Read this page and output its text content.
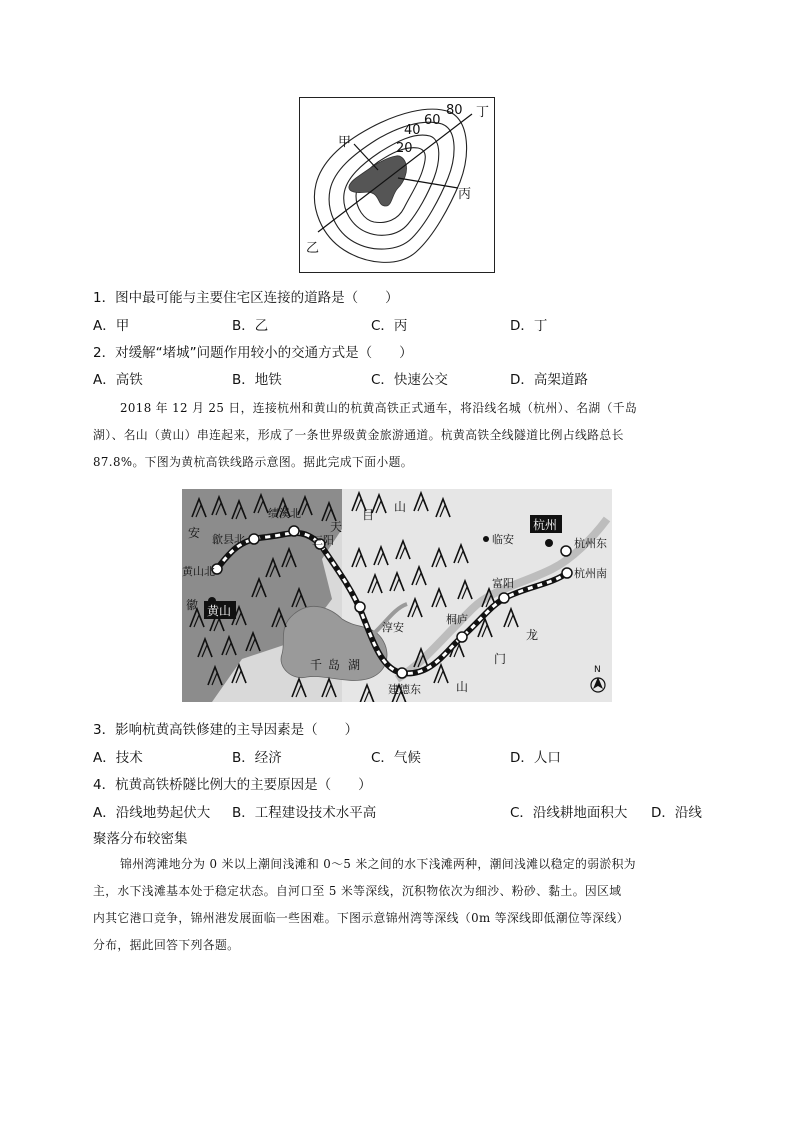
甲
乙
丙
丁
20
40
60
80
1．图中最可能与主要住宅区连接的道路是（　　）
A．甲	B．乙	C．丙	D．丁
2．对缓解“堵城”问题作用较小的交通方式是（　　）
A．高铁	B．地铁	C．快速公交	D．高架道路

2018 年 12 月 25 日，连接杭州和黄山的杭黄高铁正式通车，将沿线名城（杭州）、名湖（千岛

湖）、名山（黄山）串连起来，形成了一条世界级黄金旅游通道。杭黄高铁全线隧道比例占线路总长

87.8%。下图为黄杭高铁线路示意图。据此完成下面小题。

黄山北
歙县北
绩溪北
三阳
淳安
建德东
桐庐
富阳
杭州南
杭州东
临安
杭州
黄山
安
徽
天
目
山
千 岛 湖
龙
门
山
N
3．影响杭黄高铁修建的主导因素是（　　）
A．技术	B．经济	C．气候	D．人口
4．杭黄高铁桥隧比例大的主要原因是（　　）
A．沿线地势起伏大 B．工程建设技术水平高	C．沿线耕地面积大 D．沿线
聚落分布较密集

锦州湾滩地分为 0 米以上潮间浅滩和 0～5 米之间的水下浅滩两种，潮间浅滩以稳定的弱淤积为

主，水下浅滩基本处于稳定状态。自河口至 5 米等深线，沉积物依次为细沙、粉砂、黏土。因区域

内其它港口竞争，锦州港发展面临一些困难。下图示意锦州湾等深线（0m 等深线即低潮位等深线）

分布，据此回答下列各题。
